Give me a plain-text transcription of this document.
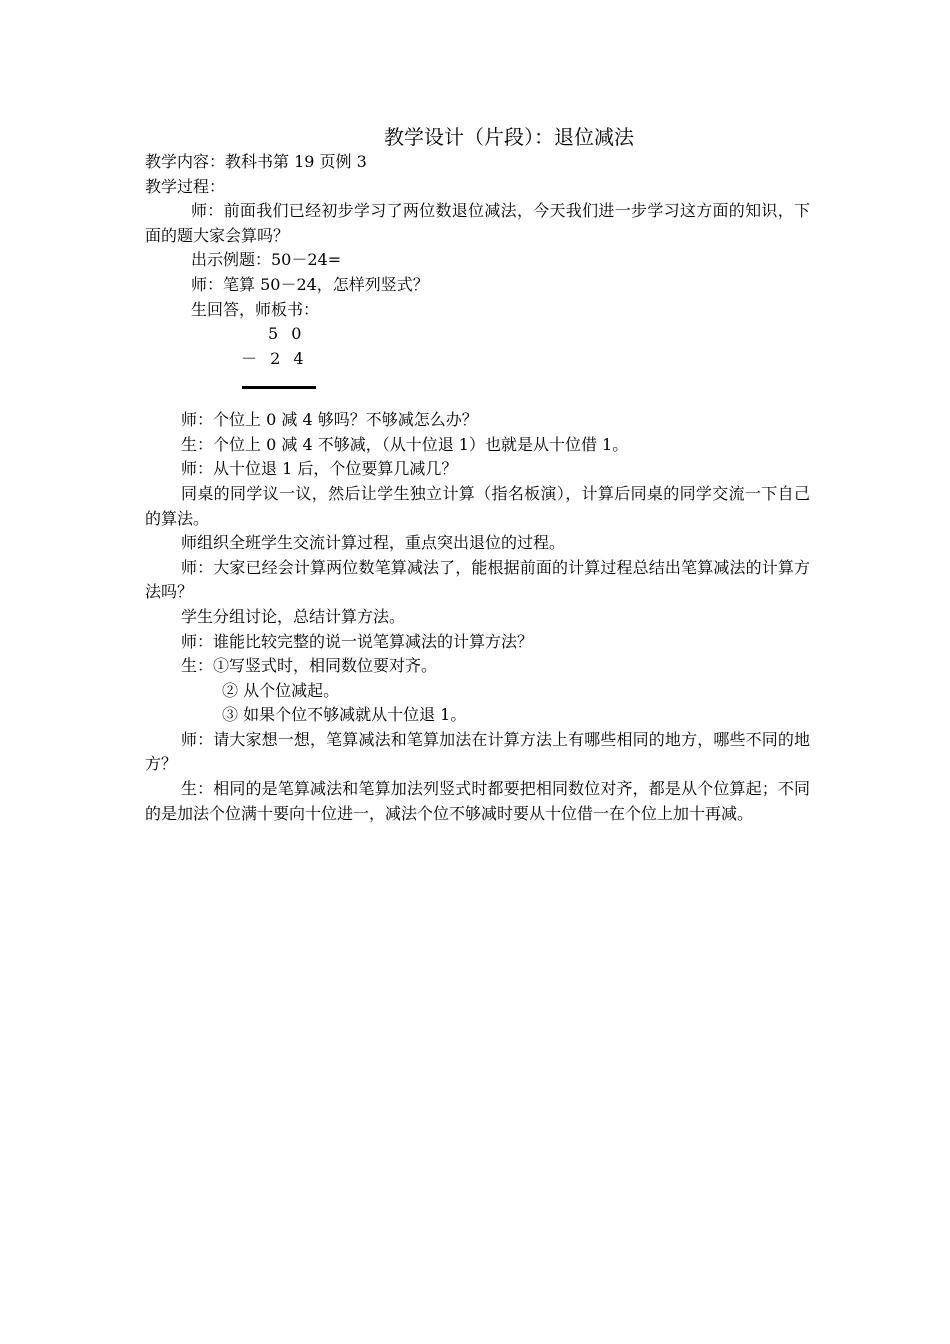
教学设计（片段）：退位减法

教学内容：教科书第 19 页例 3

教学过程：

师：前面我们已经初步学习了两位数退位减法，今天我们进一步学习这方面的知识，下面的题大家会算吗？

出示例题：50－24=

师：笔算 50－24，怎样列竖式？

生回答，师板书：

5 0
－ 2 4

师：个位上 0 减 4 够吗？不够减怎么办？

生：个位上 0 减 4 不够减，（从十位退 1）也就是从十位借 1。

师：从十位退 1 后，个位要算几减几？

同桌的同学议一议，然后让学生独立计算（指名板演），计算后同桌的同学交流一下自己的算法。

师组织全班学生交流计算过程，重点突出退位的过程。

师：大家已经会计算两位数笔算减法了，能根据前面的计算过程总结出笔算减法的计算方法吗？

学生分组讨论，总结计算方法。

师：谁能比较完整的说一说笔算减法的计算方法？

生：①写竖式时，相同数位要对齐。

② 从个位减起。

③ 如果个位不够减就从十位退 1。

师：请大家想一想，笔算减法和笔算加法在计算方法上有哪些相同的地方，哪些不同的地方？

生：相同的是笔算减法和笔算加法列竖式时都要把相同数位对齐，都是从个位算起；不同的是加法个位满十要向十位进一，减法个位不够减时要从十位借一在个位上加十再减。
